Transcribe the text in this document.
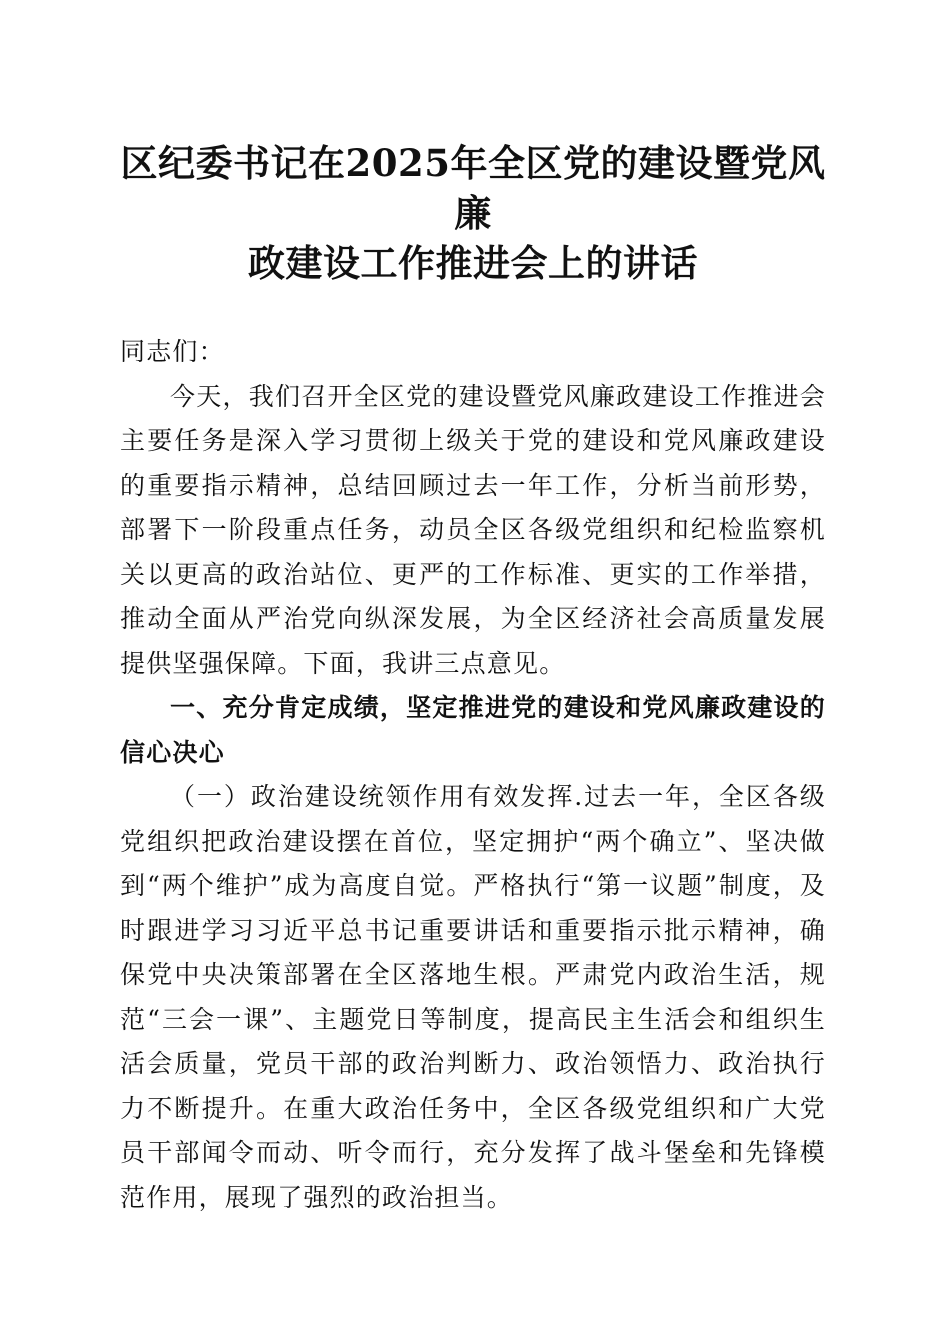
区纪委书记在2025年全区党的建设暨党风廉
政建设工作推进会上的讲话

同志们：

今天，我们召开全区党的建设暨党风廉政建设工作推进会主要任务是深入学习贯彻上级关于党的建设和党风廉政建设的重要指示精神，总结回顾过去一年工作，分析当前形势，部署下一阶段重点任务，动员全区各级党组织和纪检监察机关以更高的政治站位、更严的工作标准、更实的工作举措，推动全面从严治党向纵深发展，为全区经济社会高质量发展提供坚强保障。下面，我讲三点意见。

一、充分肯定成绩，坚定推进党的建设和党风廉政建设的信心决心

（一）政治建设统领作用有效发挥.过去一年，全区各级党组织把政治建设摆在首位，坚定拥护“两个确立”、坚决做到“两个维护”成为高度自觉。严格执行“第一议题”制度，及时跟进学习习近平总书记重要讲话和重要指示批示精神，确保党中央决策部署在全区落地生根。严肃党内政治生活，规范“三会一课”、主题党日等制度，提高民主生活会和组织生活会质量，党员干部的政治判断力、政治领悟力、政治执行力不断提升。在重大政治任务中，全区各级党组织和广大党员干部闻令而动、听令而行，充分发挥了战斗堡垒和先锋模范作用，展现了强烈的政治担当。
